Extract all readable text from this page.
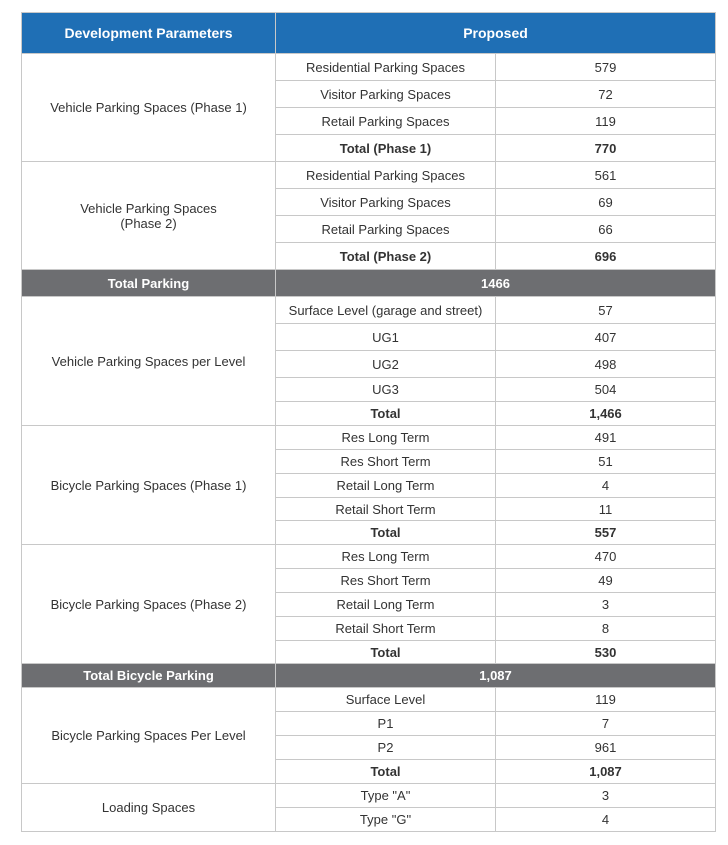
Development Parameters	Proposed	
Vehicle Parking Spaces (Phase 1)	Residential Parking Spaces	579
	Visitor Parking Spaces	72
	Retail Parking Spaces	119
	Total (Phase 1)	770
Vehicle Parking Spaces
(Phase 2)	Residential Parking Spaces	561
	Visitor Parking Spaces	69
	Retail Parking Spaces	66
	Total (Phase 2)	696
Total Parking	1466	
Vehicle Parking Spaces per Level	Surface Level (garage and street)	57
	UG1	407
	UG2	498
	UG3	504
	Total	1,466
Bicycle Parking Spaces (Phase 1)	Res Long Term	491
	Res Short Term	51
	Retail Long Term	4
	Retail Short Term	11
	Total	557
Bicycle Parking Spaces (Phase 2)	Res Long Term	470
	Res Short Term	49
	Retail Long Term	3
	Retail Short Term	8
	Total	530
Total Bicycle Parking	1,087	
Bicycle Parking Spaces Per Level	Surface Level	119
	P1	7
	P2	961
	Total	1,087
Loading Spaces	Type "A"	3
	Type "G"	4
